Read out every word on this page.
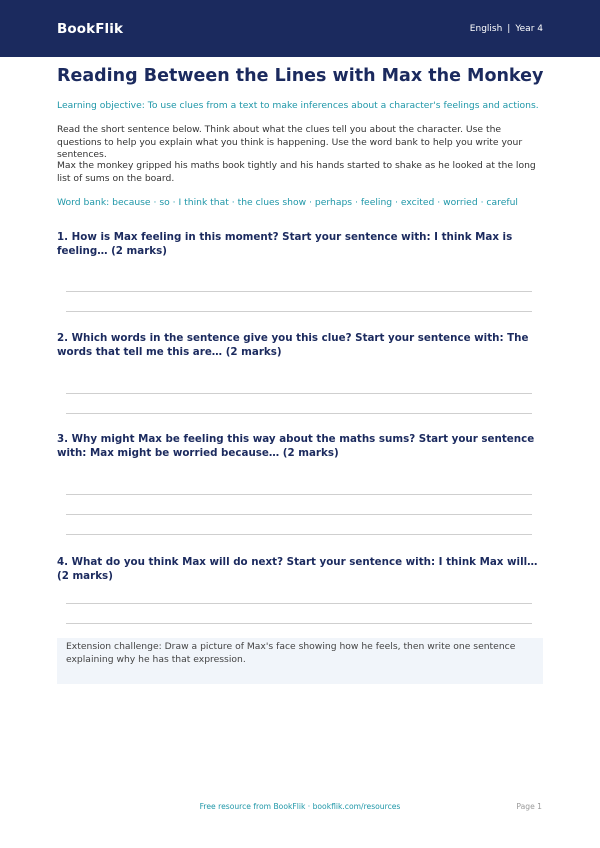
BookFlik	English | Year 4
Reading Between the Lines with Max the Monkey
Learning objective: To use clues from a text to make inferences about a character's feelings and actions.
Read the short sentence below. Think about what the clues tell you about the character. Use the questions to help you explain what you think is happening. Use the word bank to help you write your sentences.
Max the monkey gripped his maths book tightly and his hands started to shake as he looked at the long list of sums on the board.
Word bank: because · so · I think that · the clues show · perhaps · feeling · excited · worried · careful
1. How is Max feeling in this moment? Start your sentence with: I think Max is feeling… (2 marks)
2. Which words in the sentence give you this clue? Start your sentence with: The words that tell me this are… (2 marks)
3. Why might Max be feeling this way about the maths sums? Start your sentence with: Max might be worried because… (2 marks)
4. What do you think Max will do next? Start your sentence with: I think Max will… (2 marks)
Extension challenge: Draw a picture of Max's face showing how he feels, then write one sentence explaining why he has that expression.
Free resource from BookFlik · bookflik.com/resources	Page 1
